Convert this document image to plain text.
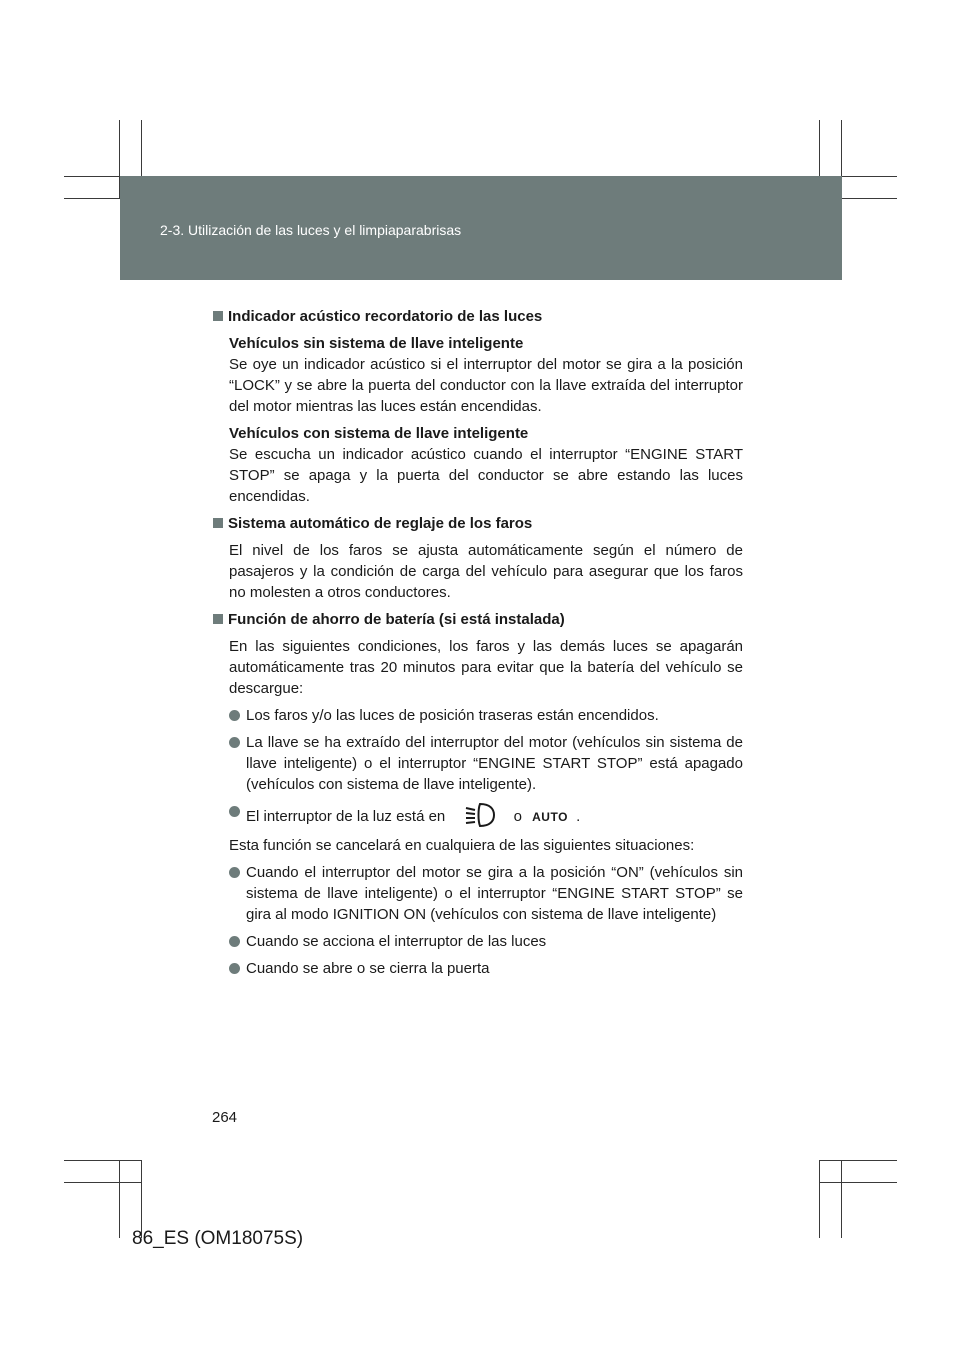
2-3. Utilización de las luces y el limpiaparabrisas
Indicador acústico recordatorio de las luces
Vehículos sin sistema de llave inteligente
Se oye un indicador acústico si el interruptor del motor se gira a la posición “LOCK” y se abre la puerta del conductor con la llave extraída del interruptor del motor mientras las luces están encendidas.
Vehículos con sistema de llave inteligente
Se escucha un indicador acústico cuando el interruptor “ENGINE START STOP” se apaga y la puerta del conductor se abre estando las luces encendidas.
Sistema automático de reglaje de los faros
El nivel de los faros se ajusta automáticamente según el número de pasajeros y la condición de carga del vehículo para asegurar que los faros no molesten a otros conductores.
Función de ahorro de batería (si está instalada)
En las siguientes condiciones, los faros y las demás luces se apagarán automáticamente tras 20 minutos para evitar que la batería del vehículo se descargue:
Los faros y/o las luces de posición traseras están encendidos.
La llave se ha extraído del interruptor del motor (vehículos sin sistema de llave inteligente) o el interruptor “ENGINE START STOP” está apagado (vehículos con sistema de llave inteligente).
El interruptor de la luz está en	o AUTO .
Esta función se cancelará en cualquiera de las siguientes situaciones:
Cuando el interruptor del motor se gira a la posición “ON” (vehículos sin sistema de llave inteligente) o el interruptor “ENGINE START STOP” se gira al modo IGNITION ON (vehículos con sistema de llave inteligente)
Cuando se acciona el interruptor de las luces
Cuando se abre o se cierra la puerta
264
86_ES (OM18075S)
